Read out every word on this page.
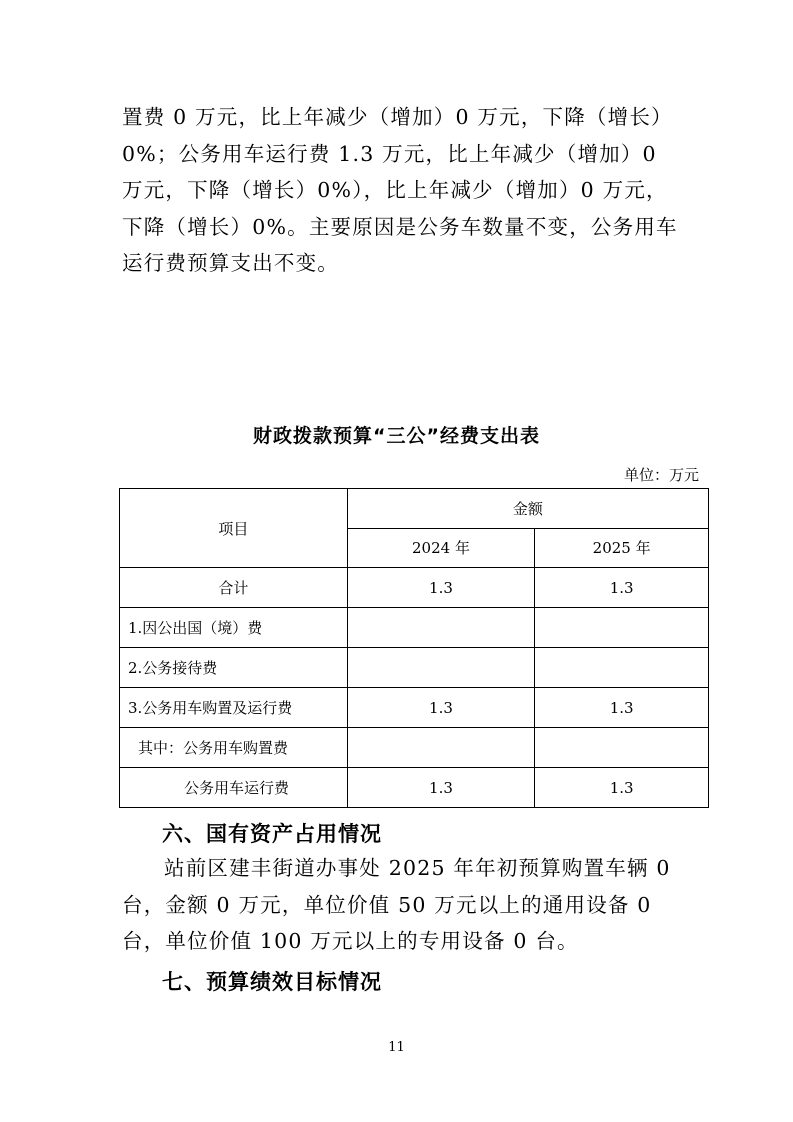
置费 0 万元，比上年减少（增加）0 万元，下降（增长）0%；公务用车运行费 1.3 万元，比上年减少（增加）0 万元，下降（增长）0%），比上年减少（增加）0 万元，下降（增长）0%。主要原因是公务车数量不变，公务用车运行费预算支出不变。

财政拨款预算“三公”经费支出表

单位：万元

项目	金额	
	2024 年	2025 年
合计	1.3	1.3
1.因公出国（境）费		
2.公务接待费		
3.公务用车购置及运行费	1.3	1.3
其中：公务用车购置费		
公务用车运行费	1.3	1.3

六、国有资产占用情况

站前区建丰街道办事处 2025 年年初预算购置车辆 0 台，金额 0 万元，单位价值 50 万元以上的通用设备 0 台，单位价值 100 万元以上的专用设备 0 台。

七、预算绩效目标情况

11
